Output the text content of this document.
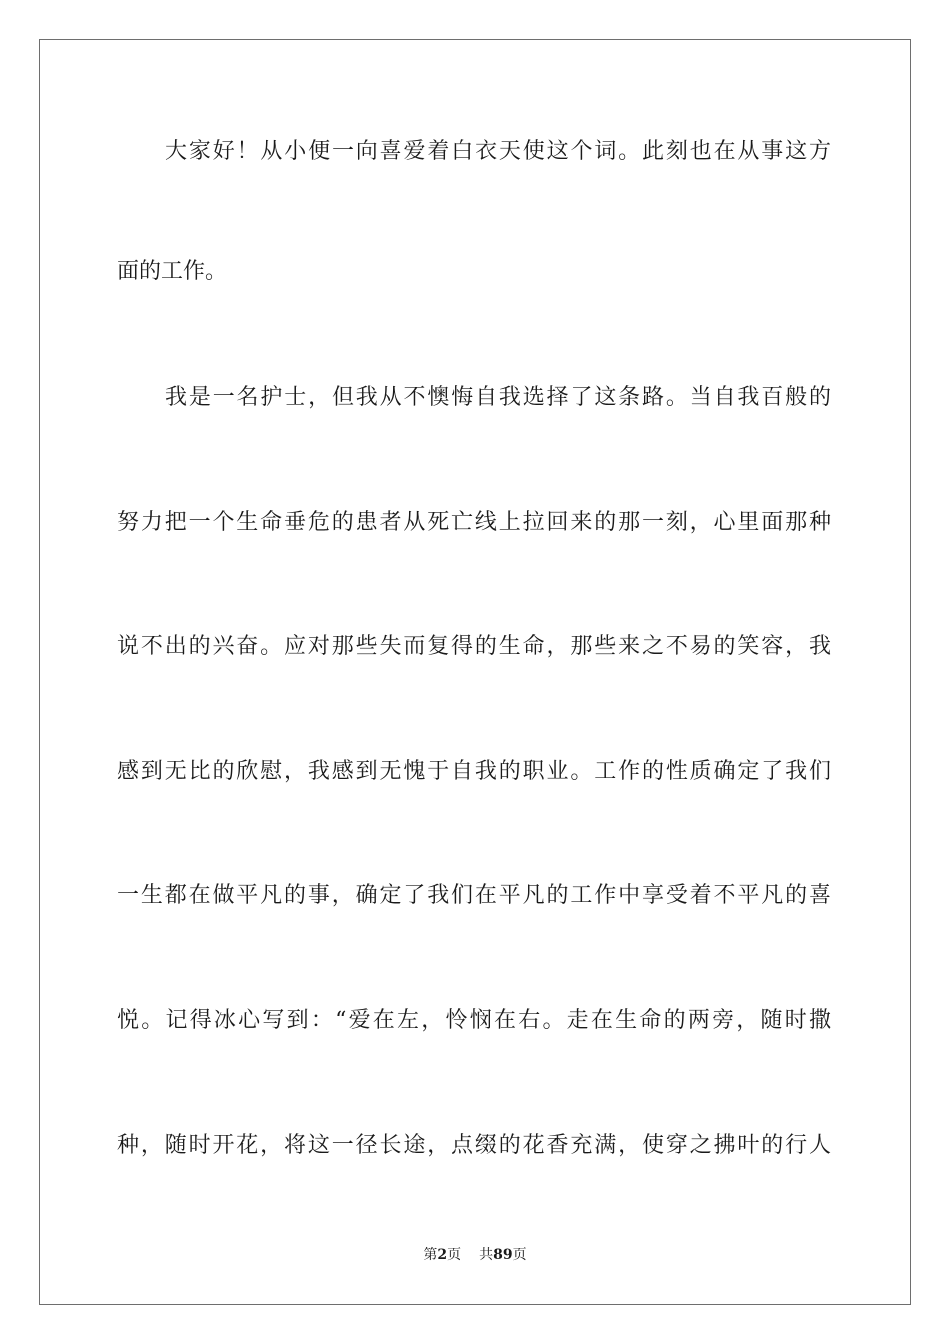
大家好！从小便一向喜爱着白衣天使这个词。此刻也在从事这方
面的工作。
我是一名护士，但我从不懊悔自我选择了这条路。当自我百般的
努力把一个生命垂危的患者从死亡线上拉回来的那一刻，心里面那种
说不出的兴奋。应对那些失而复得的生命，那些来之不易的笑容，我
感到无比的欣慰，我感到无愧于自我的职业。工作的性质确定了我们
一生都在做平凡的事，确定了我们在平凡的工作中享受着不平凡的喜
悦。记得冰心写到：“爱在左，怜悯在右。走在生命的两旁，随时撒
种，随时开花，将这一径长途，点缀的花香充满，使穿之拂叶的行人
第2页 共89页
